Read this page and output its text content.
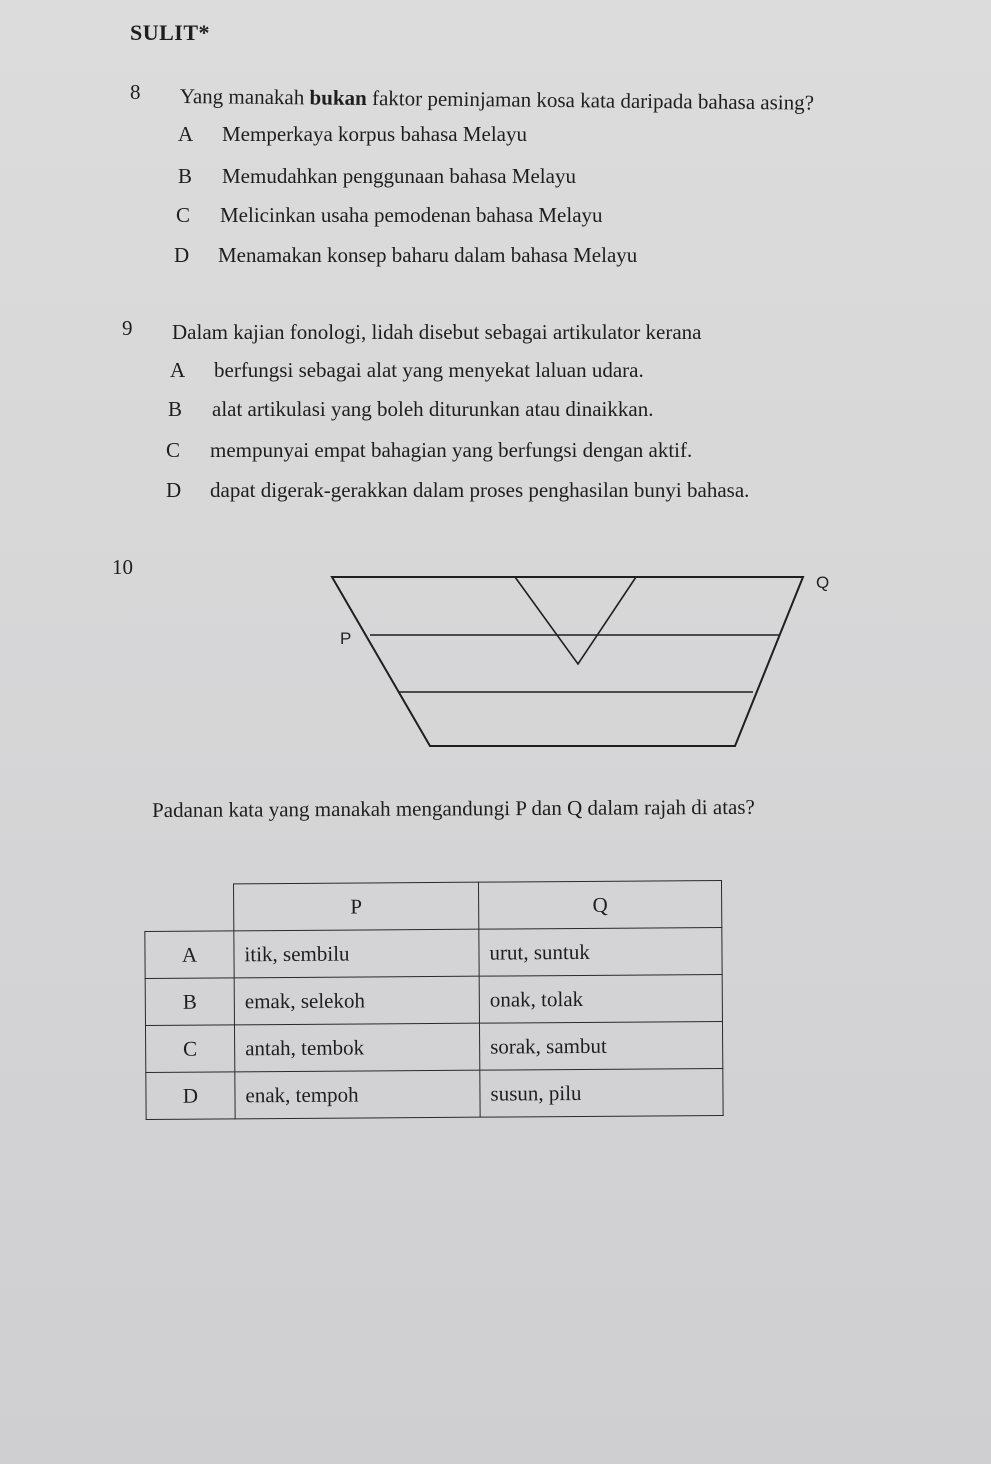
SULIT*
8 Yang manakah bukan faktor peminjaman kosa kata daripada bahasa asing?
A Memperkaya korpus bahasa Melayu
B Memudahkan penggunaan bahasa Melayu
C Melicinkan usaha pemodenan bahasa Melayu
D Menamakan konsep baharu dalam bahasa Melayu
9 Dalam kajian fonologi, lidah disebut sebagai artikulator kerana
A berfungsi sebagai alat yang menyekat laluan udara.
B alat artikulasi yang boleh diturunkan atau dinaikkan.
C mempunyai empat bahagian yang berfungsi dengan aktif.
D dapat digerak-gerakkan dalam proses penghasilan bunyi bahasa.
10
P
Q
Padanan kata yang manakah mengandungi P dan Q dalam rajah di atas?
	P	Q
A	itik, sembilu	urut, suntuk
B	emak, selekoh	onak, tolak
C	antah, tembok	sorak, sambut
D	enak, tempoh	susun, pilu
